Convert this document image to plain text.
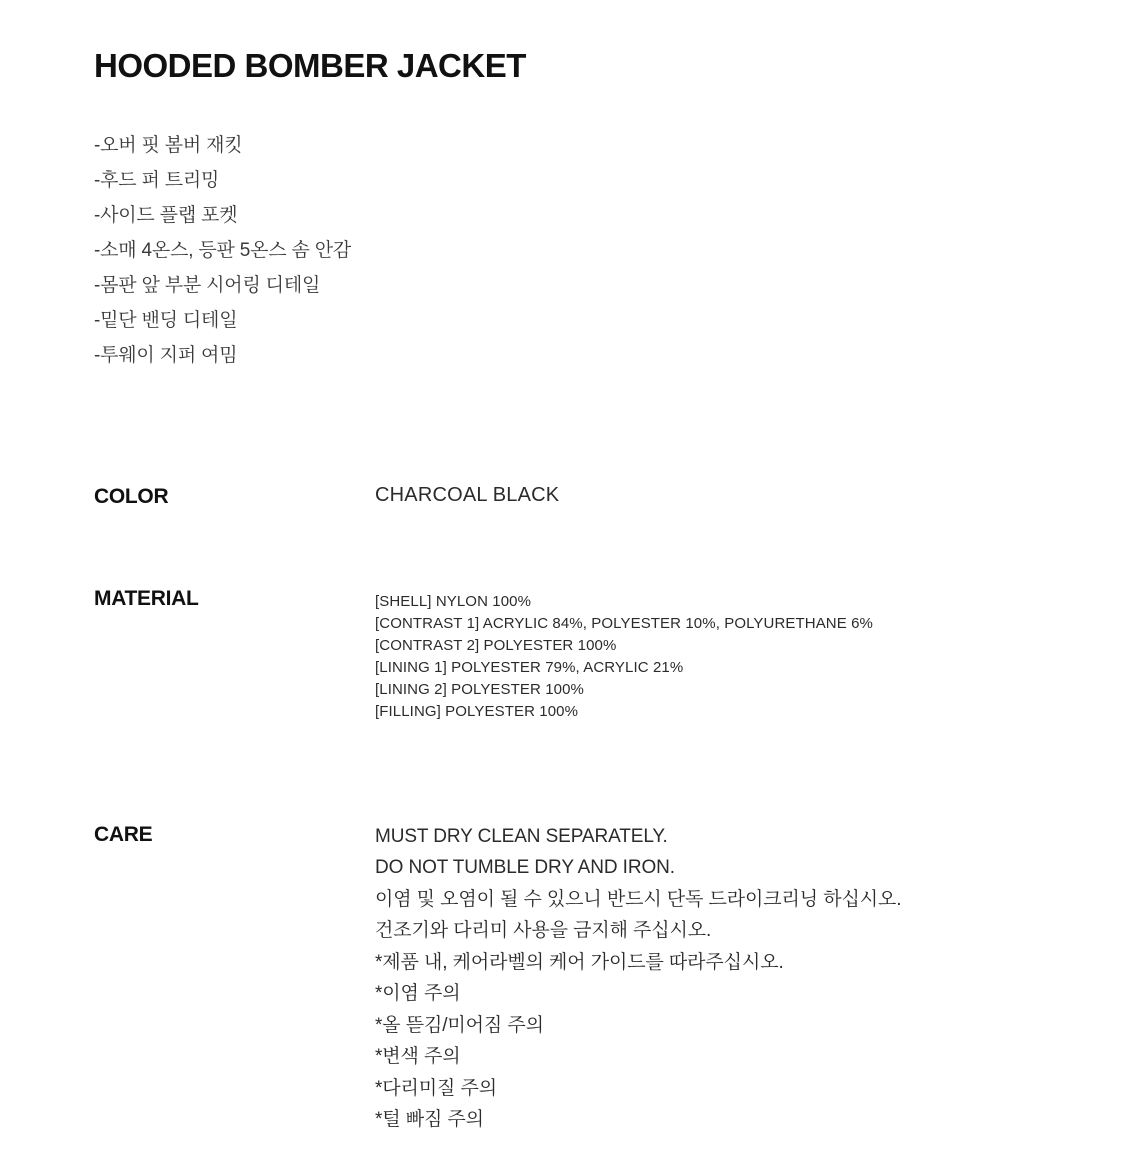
HOODED BOMBER JACKET
-오버 핏 봄버 재킷
-후드 퍼 트리밍
-사이드 플랩 포켓
-소매 4온스, 등판 5온스 솜 안감
-몸판 앞 부분 시어링 디테일
-밑단 밴딩 디테일
-투웨이 지퍼 여밈
COLOR	CHARCOAL BLACK
MATERIAL	[SHELL] NYLON 100%
[CONTRAST 1] ACRYLIC 84%, POLYESTER 10%, POLYURETHANE 6%
[CONTRAST 2] POLYESTER 100%
[LINING 1] POLYESTER 79%, ACRYLIC 21%
[LINING 2] POLYESTER 100%
[FILLING] POLYESTER 100%
CARE	MUST DRY CLEAN SEPARATELY.
DO NOT TUMBLE DRY AND IRON.
이염 및 오염이 될 수 있으니 반드시 단독 드라이크리닝 하십시오.
건조기와 다리미 사용을 금지해 주십시오.
*제품 내, 케어라벨의 케어 가이드를 따라주십시오.
*이염 주의
*올 뜯김/미어짐 주의
*변색 주의
*다리미질 주의
*털 빠짐 주의
